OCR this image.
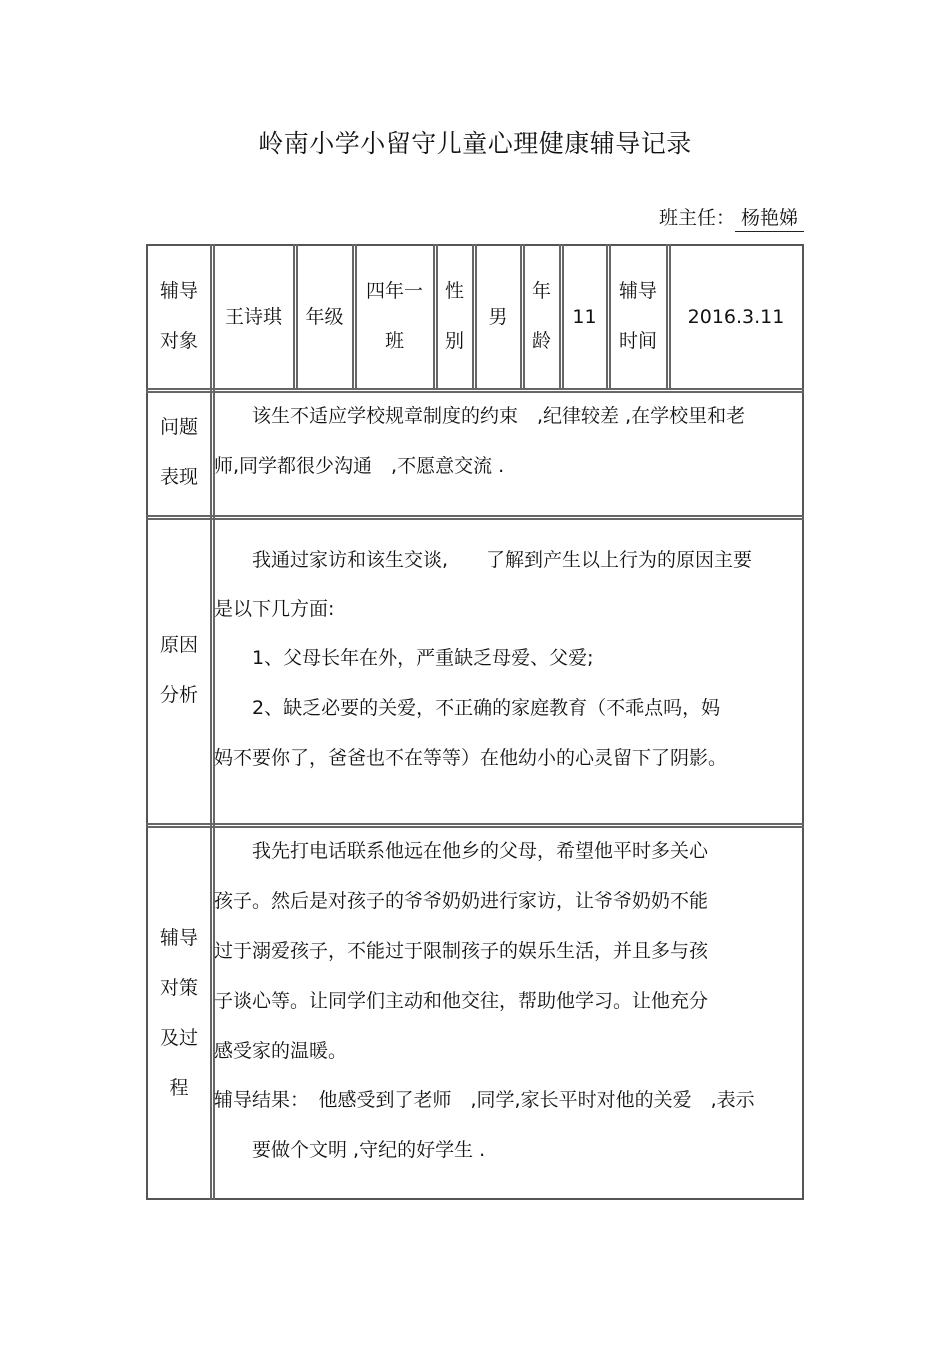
岭南小学小留守儿童心理健康辅导记录
班主任： 杨艳娣
辅导
对象
王诗琪	年级
四年一
班
性
别
男
年
龄
11
辅导
时间
2016.3.11
问题
表现
　　该生不适应学校规章制度的约束　,纪律较差 ,在学校里和老
师,同学都很少沟通　,不愿意交流 .
原因
分析
　　我通过家访和该生交谈,　　了解到产生以上行为的原因主要
是以下几方面:
　　1、父母长年在外，严重缺乏母爱、父爱;
　　2、缺乏必要的关爱，不正确的家庭教育（不乖点吗，妈
妈不要你了，爸爸也不在等等）在他幼小的心灵留下了阴影。
辅导
对策
及过
程
　　我先打电话联系他远在他乡的父母，希望他平时多关心
孩子。然后是对孩子的爷爷奶奶进行家访，让爷爷奶奶不能
过于溺爱孩子，不能过于限制孩子的娱乐生活，并且多与孩
子谈心等。让同学们主动和他交往，帮助他学习。让他充分
感受家的温暖。
辅导结果：　他感受到了老师　,同学,家长平时对他的关爱　,表示
　　要做个文明 ,守纪的好学生 .
